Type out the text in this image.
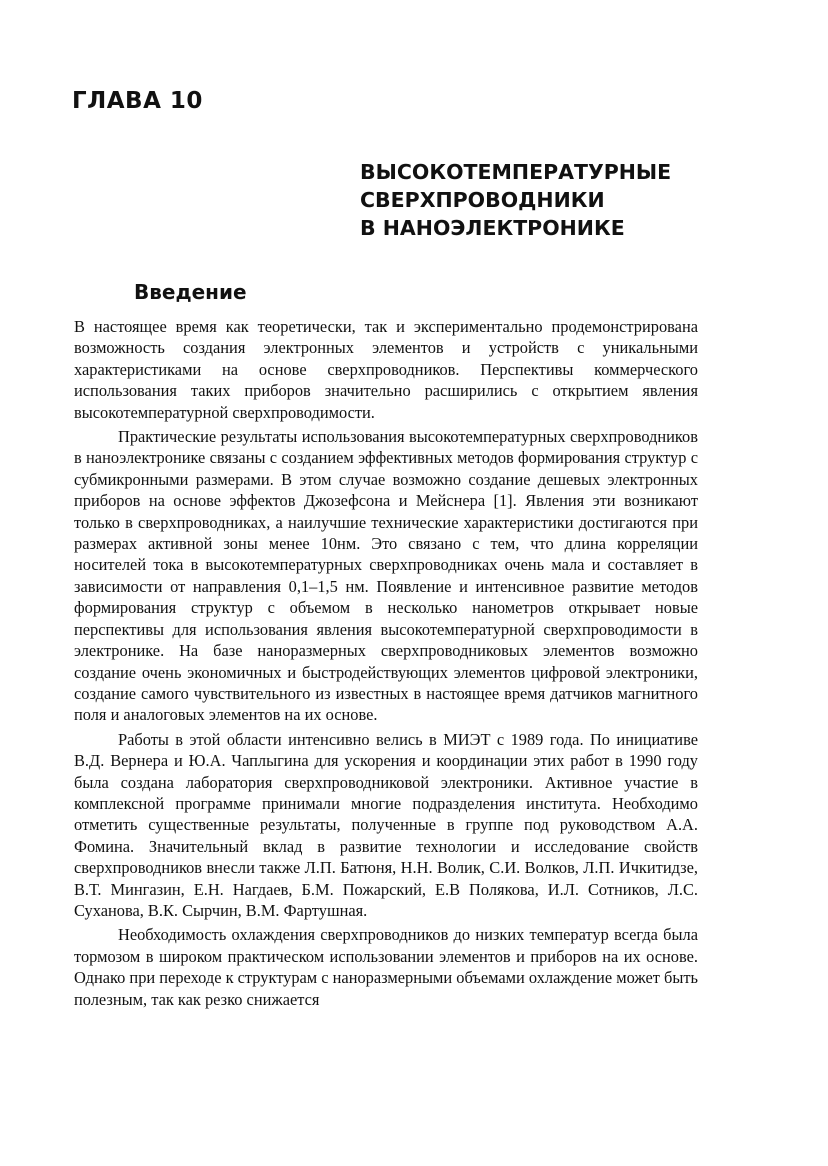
ГЛАВА 10
ВЫСОКОТЕМПЕРАТУРНЫЕ
СВЕРХПРОВОДНИКИ
В НАНОЭЛЕКТРОНИКЕ
Введение

В настоящее время как теоретически, так и экспериментально продемонстрирована возможность создания электронных элементов и устройств с уникальными характеристиками на основе сверхпроводников. Перспективы коммерческого использования таких приборов значительно расширились с открытием явления высокотемпературной сверхпроводимости.

Практические результаты использования высокотемпературных сверхпроводников в наноэлектронике связаны с созданием эффективных методов формирования структур с субмикронными размерами. В этом случае возможно создание дешевых электронных приборов на основе эффектов Джозефсона и Мейснера [1]. Явления эти возникают только в сверхпроводниках, а наилучшие технические характеристики достигаются при размерах активной зоны менее 10нм. Это связано с тем, что длина корреляции носителей тока в высокотемпературных сверхпроводниках очень мала и составляет в зависимости от направления 0,1–1,5 нм. Появление и интенсивное развитие методов формирования структур с объемом в несколько нанометров открывает новые перспективы для использования явления высокотемпературной сверхпроводимости в электронике. На базе наноразмерных сверхпроводниковых элементов возможно создание очень экономичных и быстродействующих элементов цифровой электроники, создание самого чувствительного из известных в настоящее время датчиков магнитного поля и аналоговых элементов на их основе.

Работы в этой области интенсивно велись в МИЭТ с 1989 года. По инициативе В.Д. Вернера и Ю.А. Чаплыгина для ускорения и координации этих работ в 1990 году была создана лаборатория сверхпроводниковой электроники. Активное участие в комплексной программе принимали многие подразделения института. Необходимо отметить существенные результаты, полученные в группе под руководством А.А. Фомина. Значительный вклад в развитие технологии и исследование свойств сверхпроводников внесли также Л.П. Батюня, Н.Н. Волик, С.И. Волков, Л.П. Ичкитидзе, В.Т. Мингазин, Е.Н. Нагдаев, Б.М. Пожарский, Е.В Полякова, И.Л. Сотников, Л.С. Суханова, В.К. Сырчин, В.М. Фартушная.

Необходимость охлаждения сверхпроводников до низких температур всегда была тормозом в широком практическом использовании элементов и приборов на их основе. Однако при переходе к структурам с наноразмерными объемами охлаждение может быть полезным, так как резко снижается
